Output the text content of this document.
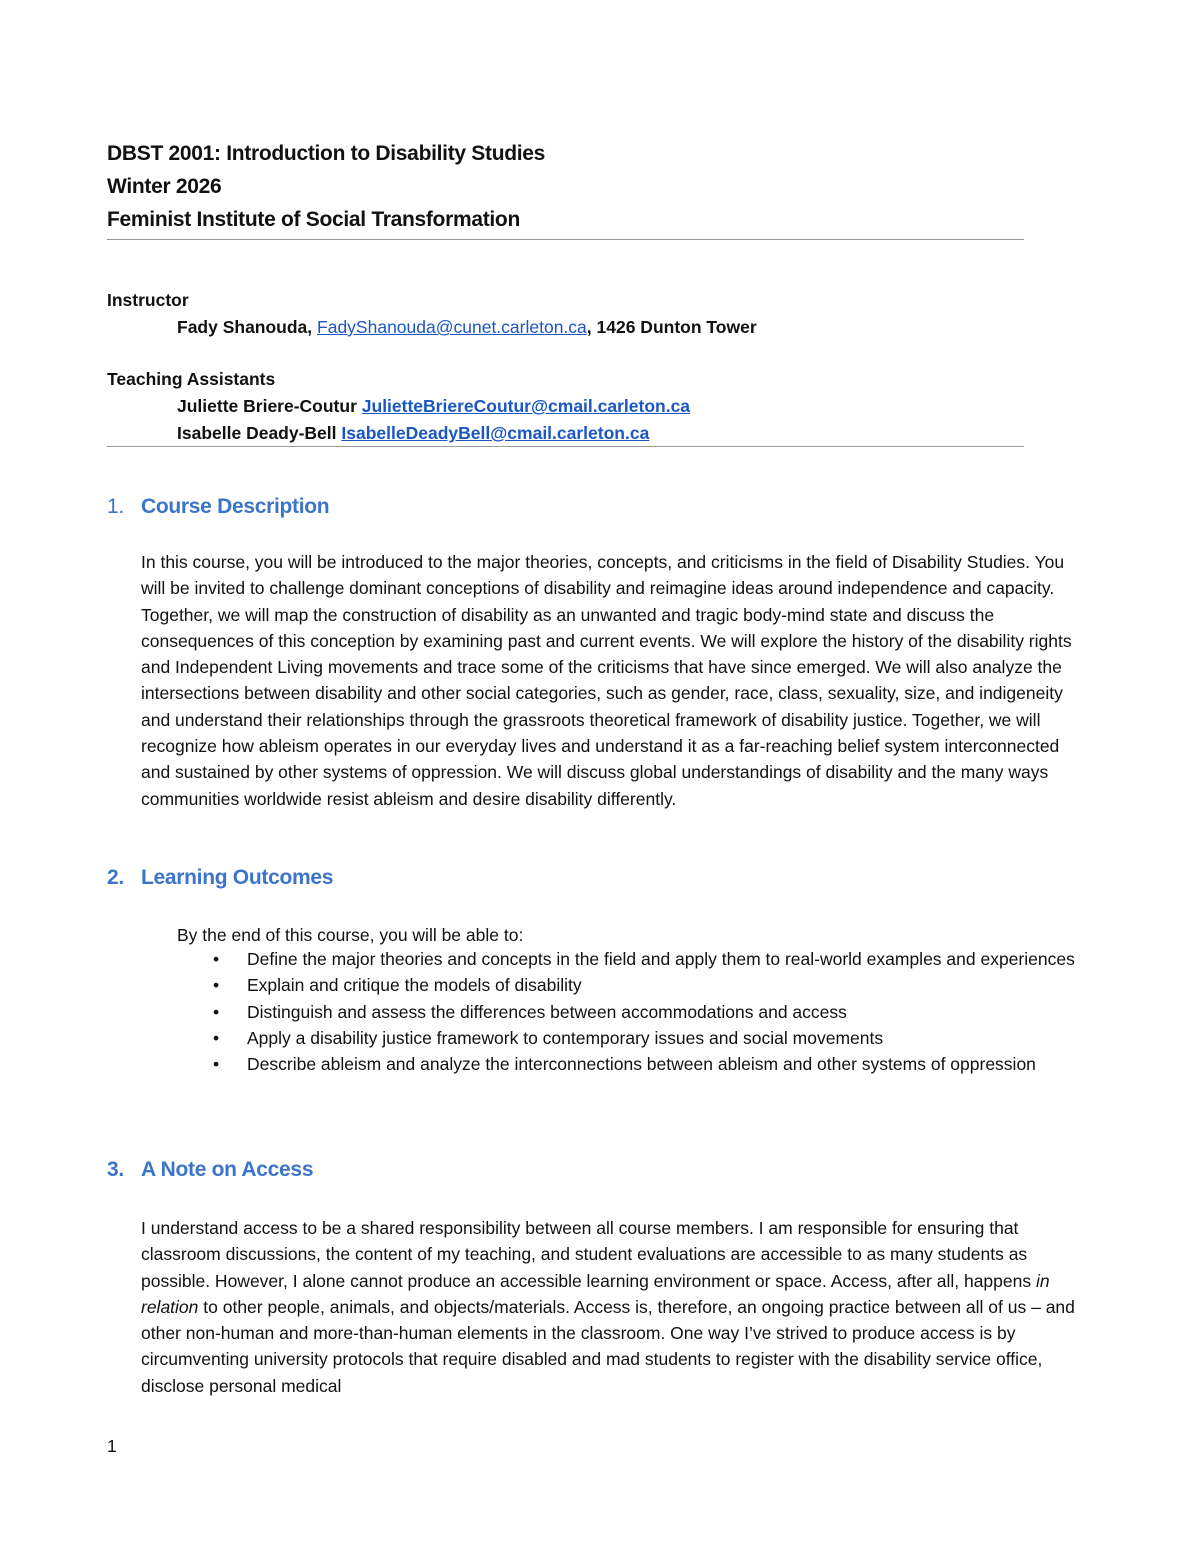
DBST 2001: Introduction to Disability Studies
Winter 2026
Feminist Institute of Social Transformation
Instructor
Fady Shanouda, FadyShanouda@cunet.carleton.ca, 1426 Dunton Tower
Teaching Assistants
Juliette Briere-Coutur JulietteBriereCoutur@cmail.carleton.ca
Isabelle Deady-Bell IsabelleDeadyBell@cmail.carleton.ca
1. Course Description
In this course, you will be introduced to the major theories, concepts, and criticisms in the field of Disability Studies. You will be invited to challenge dominant conceptions of disability and reimagine ideas around independence and capacity. Together, we will map the construction of disability as an unwanted and tragic body-mind state and discuss the consequences of this conception by examining past and current events. We will explore the history of the disability rights and Independent Living movements and trace some of the criticisms that have since emerged. We will also analyze the intersections between disability and other social categories, such as gender, race, class, sexuality, size, and indigeneity and understand their relationships through the grassroots theoretical framework of disability justice. Together, we will recognize how ableism operates in our everyday lives and understand it as a far-reaching belief system interconnected and sustained by other systems of oppression. We will discuss global understandings of disability and the many ways communities worldwide resist ableism and desire disability differently.
2. Learning Outcomes
By the end of this course, you will be able to:
• Define the major theories and concepts in the field and apply them to real-world examples and experiences
• Explain and critique the models of disability
• Distinguish and assess the differences between accommodations and access
• Apply a disability justice framework to contemporary issues and social movements
• Describe ableism and analyze the interconnections between ableism and other systems of oppression
3. A Note on Access
I understand access to be a shared responsibility between all course members. I am responsible for ensuring that classroom discussions, the content of my teaching, and student evaluations are accessible to as many students as possible. However, I alone cannot produce an accessible learning environment or space. Access, after all, happens in relation to other people, animals, and objects/materials. Access is, therefore, an ongoing practice between all of us – and other non-human and more-than-human elements in the classroom. One way I’ve strived to produce access is by circumventing university protocols that require disabled and mad students to register with the disability service office, disclose personal medical
1
